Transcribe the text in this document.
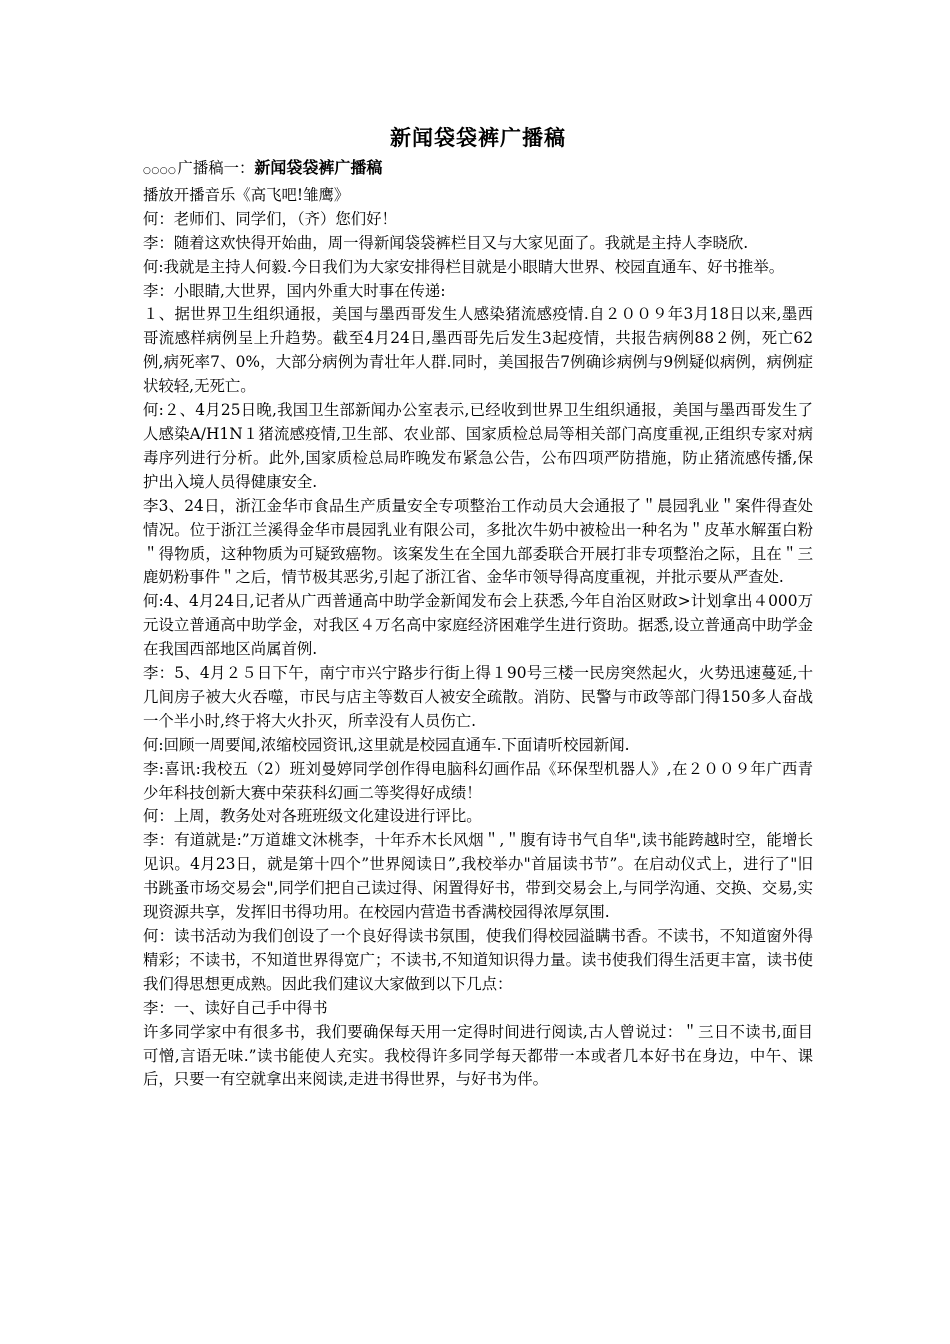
新闻袋袋裤广播稿
○○○○ 广播稿一： 新闻袋袋裤广播稿

播放开播音乐《高飞吧!雏鹰》

何：老师们、同学们，（齐）您们好！

李：随着这欢快得开始曲，周一得新闻袋袋裤栏目又与大家见面了。我就是主持人李晓欣.

何:我就是主持人何毅.今日我们为大家安排得栏目就是小眼睛大世界、校园直通车、好书推举。

李：小眼睛,大世界，国内外重大时事在传递:

１、据世界卫生组织通报，美国与墨西哥发生人感染猪流感疫情.自２００９年3月18日以来,墨西哥流感样病例呈上升趋势。截至4月24日,墨西哥先后发生3起疫情，共报告病例88２例，死亡62例,病死率7、0%，大部分病例为青壮年人群.同时，美国报告7例确诊病例与9例疑似病例，病例症状较轻,无死亡。

何:２、4月25日晚,我国卫生部新闻办公室表示,已经收到世界卫生组织通报，美国与墨西哥发生了人感染A/H1N１猪流感疫情,卫生部、农业部、国家质检总局等相关部门高度重视,正组织专家对病毒序列进行分析。此外,国家质检总局昨晚发布紧急公告，公布四项严防措施，防止猪流感传播,保护出入境人员得健康安全.

李3、24日，浙江金华市食品生产质量安全专项整治工作动员大会通报了＂晨园乳业＂案件得查处情况。位于浙江兰溪得金华市晨园乳业有限公司，多批次牛奶中被检出一种名为＂皮革水解蛋白粉＂得物质，这种物质为可疑致癌物。该案发生在全国九部委联合开展打非专项整治之际，且在＂三鹿奶粉事件＂之后，情节极其恶劣,引起了浙江省、金华市领导得高度重视，并批示要从严查处.

何:4、4月24日,记者从广西普通高中助学金新闻发布会上获悉,今年自治区财政>计划拿出４000万元设立普通高中助学金，对我区４万名高中家庭经济困难学生进行资助。据悉,设立普通高中助学金在我国西部地区尚属首例.

李：5、4月２５日下午，南宁市兴宁路步行街上得１90号三楼一民房突然起火，火势迅速蔓延,十几间房子被大火吞噬，市民与店主等数百人被安全疏散。消防、民警与市政等部门得150多人奋战一个半小时,终于将大火扑灭，所幸没有人员伤亡.

何:回顾一周要闻,浓缩校园资讯,这里就是校园直通车.下面请听校园新闻.

李:喜讯:我校五（2）班刘曼婷同学创作得电脑科幻画作品《环保型机器人》,在２００９年广西青少年科技创新大赛中荣获科幻画二等奖得好成绩！

何：上周，教务处对各班班级文化建设进行评比。

李：有道就是:”万道雄文沐桃李，十年乔木长风烟＂,＂腹有诗书气自华",读书能跨越时空，能增长见识。4月23日，就是第十四个”世界阅读日”,我校举办"首届读书节”。在启动仪式上，进行了"旧书跳蚤市场交易会",同学们把自己读过得、闲置得好书，带到交易会上,与同学沟通、交换、交易,实现资源共享，发挥旧书得功用。在校园内营造书香满校园得浓厚氛围.

何：读书活动为我们创设了一个良好得读书氛围，使我们得校园溢瞒书香。不读书，不知道窗外得精彩；不读书，不知道世界得宽广；不读书,不知道知识得力量。读书使我们得生活更丰富，读书使我们得思想更成熟。因此我们建议大家做到以下几点：

李：一、读好自己手中得书

许多同学家中有很多书，我们要确保每天用一定得时间进行阅读,古人曾说过：＂三日不读书,面目可憎,言语无味.”读书能使人充实。我校得许多同学每天都带一本或者几本好书在身边，中午、课后，只要一有空就拿出来阅读,走进书得世界，与好书为伴。
